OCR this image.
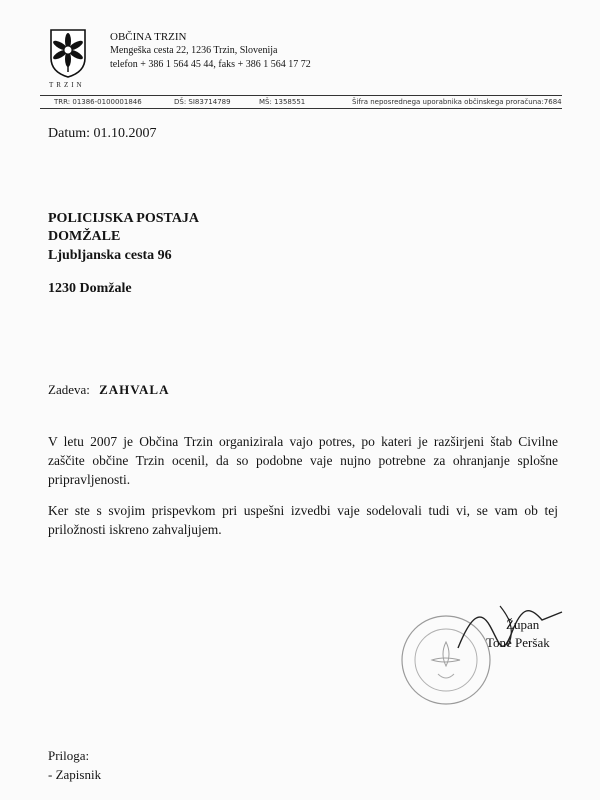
TRZIN
OBČINA TRZIN
Mengeška cesta 22, 1236 Trzin, Slovenija
telefon + 386 1 564 45 44, faks + 386 1 564 17 72
TRR: 01386-0100001846	DŠ: SI83714789	MŠ: 1358551	Šifra neposrednega uporabnika občinskega proračuna:7684
Datum: 01.10.2007
POLICIJSKA POSTAJA
DOMŽALE
Ljubljanska cesta 96
1230 Domžale
Zadeva: ZAHVALA
V letu 2007 je Občina Trzin organizirala vajo potres, po kateri je razširjeni štab Civilne zaščite občine Trzin ocenil, da so podobne vaje nujno potrebne za ohranjanje splošne pripravljenosti.
Ker ste s svojim prispevkom pri uspešni izvedbi vaje sodelovali tudi vi, se vam ob tej priložnosti iskreno zahvaljujem.
Župan
Tone Peršak
Priloga:
- Zapisnik
